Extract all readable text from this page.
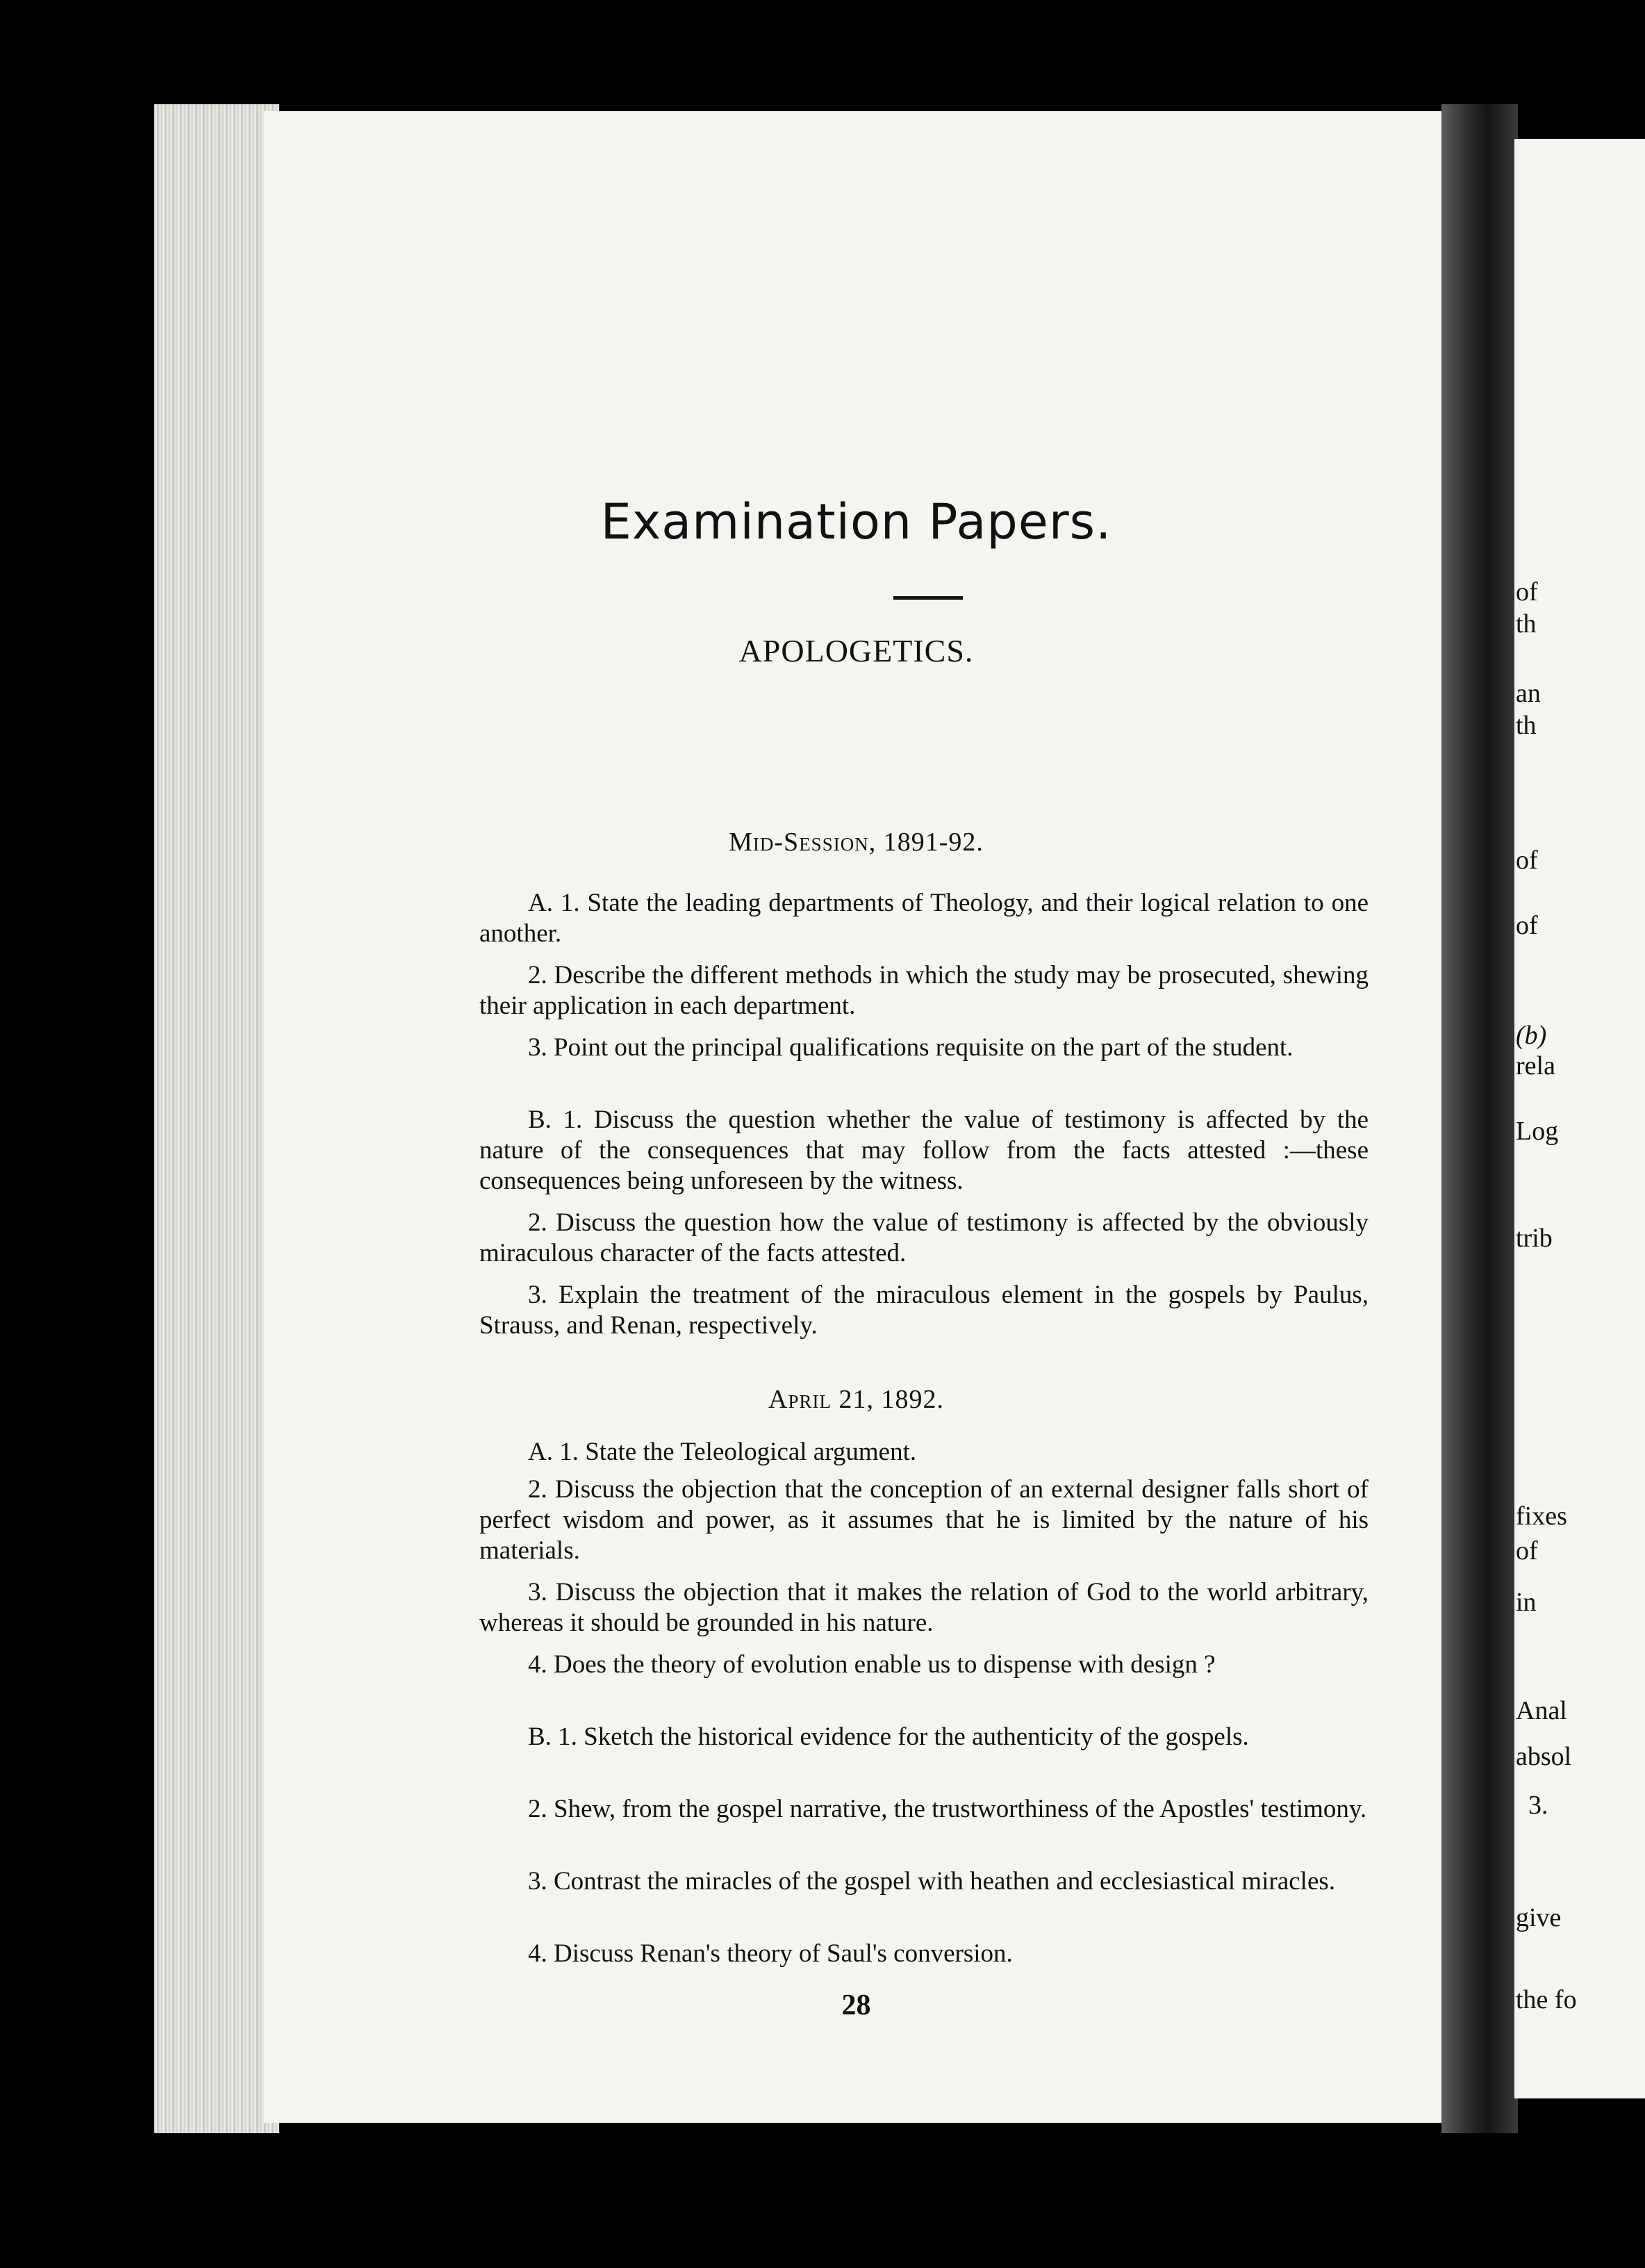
Examination Papers.
APOLOGETICS.
Mid-Session, 1891-92.
A. 1. State the leading departments of Theology, and their logical relation to one another.
2. Describe the different methods in which the study may be prosecuted, shewing their application in each department.
3. Point out the principal qualifications requisite on the part of the student.
B. 1. Discuss the question whether the value of testimony is affected by the nature of the consequences that may follow from the facts attested :—these consequences being unforeseen by the witness.
2. Discuss the question how the value of testimony is affected by the obviously miraculous character of the facts attested.
3. Explain the treatment of the miraculous element in the gospels by Paulus, Strauss, and Renan, respectively.
April 21, 1892.
A. 1. State the Teleological argument.
2. Discuss the objection that the conception of an external designer falls short of perfect wisdom and power, as it assumes that he is limited by the nature of his materials.
3. Discuss the objection that it makes the relation of God to the world arbitrary, whereas it should be grounded in his nature.
4. Does the theory of evolution enable us to dispense with design ?
B. 1. Sketch the historical evidence for the authenticity of the gospels.
2. Shew, from the gospel narrative, the trustworthiness of the Apostles' testimony.
3. Contrast the miracles of the gospel with heathen and ecclesiastical miracles.
4. Discuss Renan's theory of Saul's conversion.
28
of
th
an
th
of
of
(b)
rela
Log
trib
fixes
of
in
Anal
absol
3.
give
the fo
